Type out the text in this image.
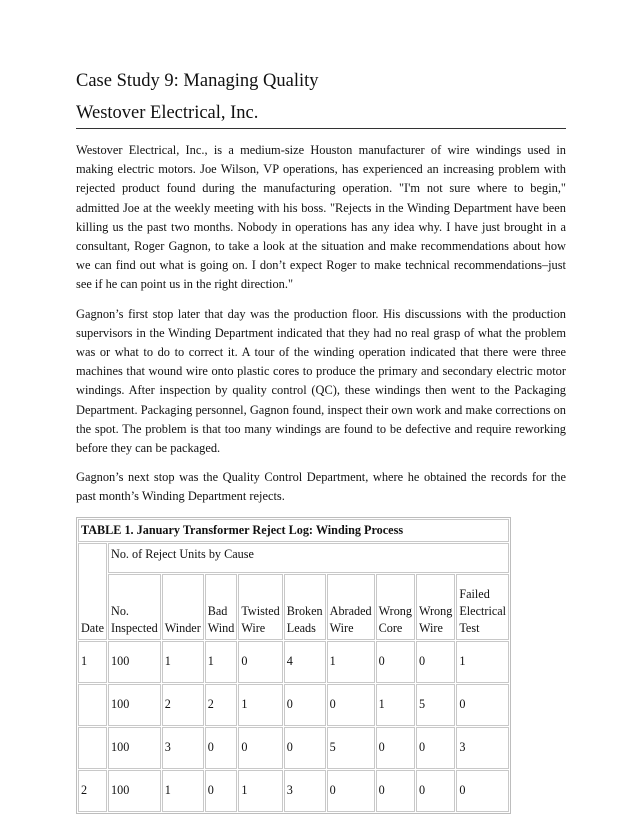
Case Study 9: Managing Quality
Westover Electrical, Inc.

Westover Electrical, Inc., is a medium-size Houston manufacturer of wire windings used in making electric motors. Joe Wilson, VP operations, has experienced an increasing problem with rejected product found during the manufacturing operation. "I'm not sure where to begin," admitted Joe at the weekly meeting with his boss. "Rejects in the Winding Department have been killing us the past two months. Nobody in operations has any idea why. I have just brought in a consultant, Roger Gagnon, to take a look at the situation and make recommendations about how we can find out what is going on. I don’t expect Roger to make technical recommendations–just see if he can point us in the right direction."

Gagnon’s first stop later that day was the production floor. His discussions with the production supervisors in the Winding Department indicated that they had no real grasp of what the problem was or what to do to correct it. A tour of the winding operation indicated that there were three machines that wound wire onto plastic cores to produce the primary and secondary electric motor windings. After inspection by quality control (QC), these windings then went to the Packaging Department. Packaging personnel, Gagnon found, inspect their own work and make corrections on the spot. The problem is that too many windings are found to be defective and require reworking before they can be packaged.

Gagnon’s next stop was the Quality Control Department, where he obtained the records for the past month’s Winding Department rejects.

TABLE 1. January Transformer Reject Log: Winding Process									
Date	No. of Reject Units by Cause								
	No. Inspected	Winder	Bad Wind	Twisted Wire	Broken Leads	Abraded Wire	Wrong Core	Wrong Wire	Failed Electrical Test
1	100	1	1	0	4	1	0	0	1
	100	2	2	1	0	0	1	5	0
	100	3	0	0	0	5	0	0	3
2	100	1	0	1	3	0	0	0	0
